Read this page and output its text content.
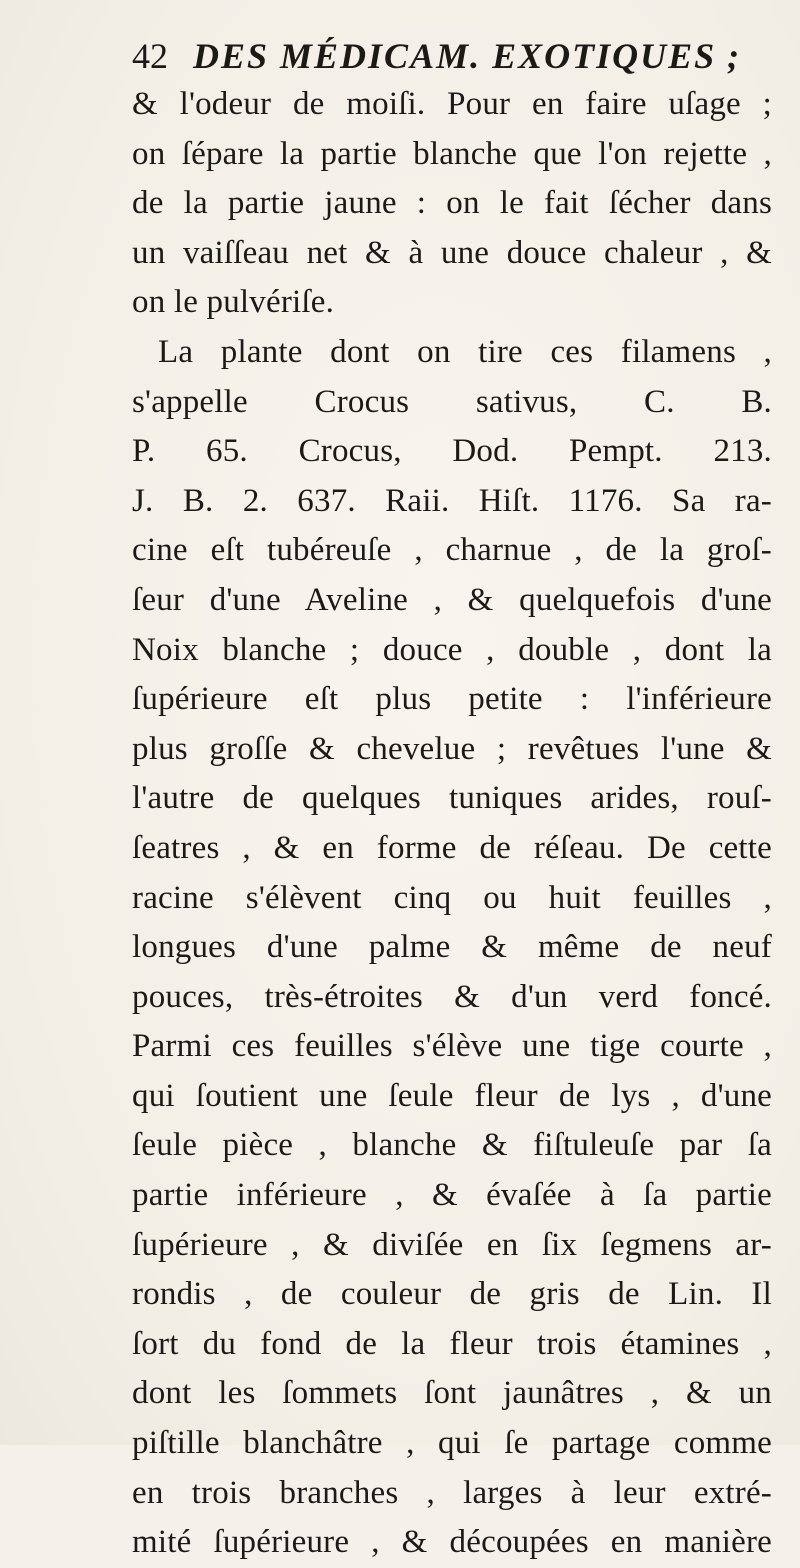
42 DES MÉDICAM. EXOTIQUES ;
& l'odeur de moiſi. Pour en faire uſage ;
on ſépare la partie blanche que l'on rejette ,
de la partie jaune : on le fait ſécher dans
un vaiſſeau net & à une douce chaleur , &
on le pulvériſe.
La plante dont on tire ces filamens ,
s'appelle Crocus sativus, C. B.
P. 65. Crocus, Dod. Pempt. 213.
J. B. 2. 637. Raii. Hiſt. 1176. Sa ra-
cine eſt tubéreuſe , charnue , de la groſ-
ſeur d'une Aveline , & quelquefois d'une
Noix blanche ; douce , double , dont la
ſupérieure eſt plus petite : l'inférieure
plus groſſe & chevelue ; revêtues l'une &
l'autre de quelques tuniques arides, rouſ-
ſeatres , & en forme de réſeau. De cette
racine s'élèvent cinq ou huit feuilles ,
longues d'une palme & même de neuf
pouces, très-étroites & d'un verd foncé.
Parmi ces feuilles s'élève une tige courte ,
qui ſoutient une ſeule fleur de lys , d'une
ſeule pièce , blanche & fiſtuleuſe par ſa
partie inférieure , & évaſée à ſa partie
ſupérieure , & diviſée en ſix ſegmens ar-
rondis , de couleur de gris de Lin. Il
ſort du fond de la fleur trois étamines ,
dont les ſommets ſont jaunâtres , & un
piſtille blanchâtre , qui ſe partage comme
en trois branches , larges à leur extré-
mité ſupérieure , & découpées en manière
